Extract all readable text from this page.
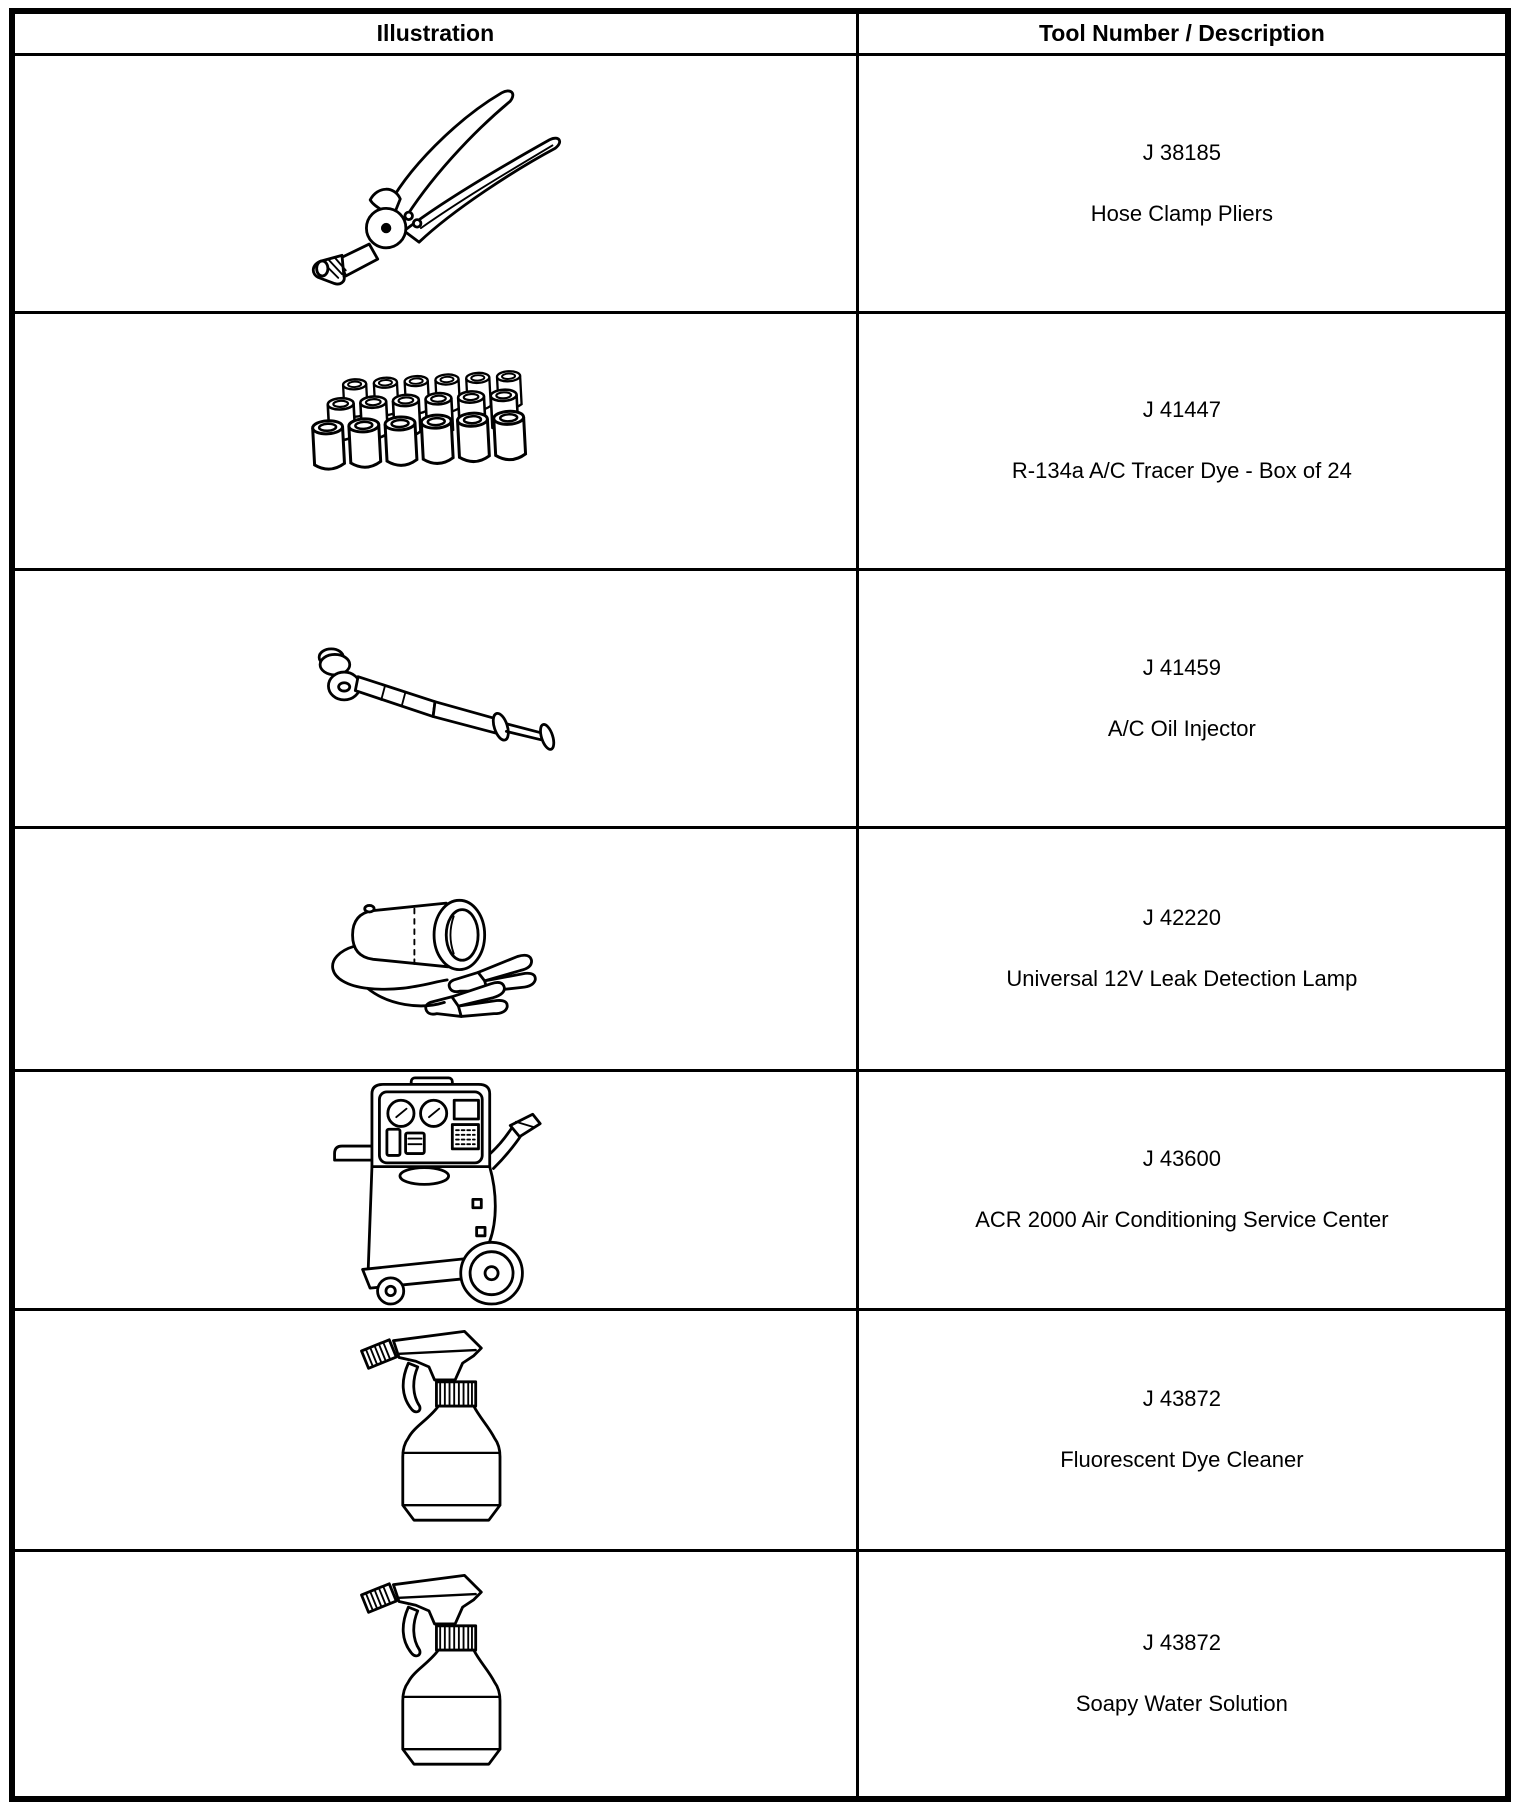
Illustration	Tool Number / Description

J 38185
Hose Clamp Pliers

J 41447
R-134a A/C Tracer Dye - Box of 24

J 41459
A/C Oil Injector

J 42220
Universal 12V Leak Detection Lamp

J 43600
ACR 2000 Air Conditioning Service Center

J 43872
Fluorescent Dye Cleaner

J 43872
Soapy Water Solution
